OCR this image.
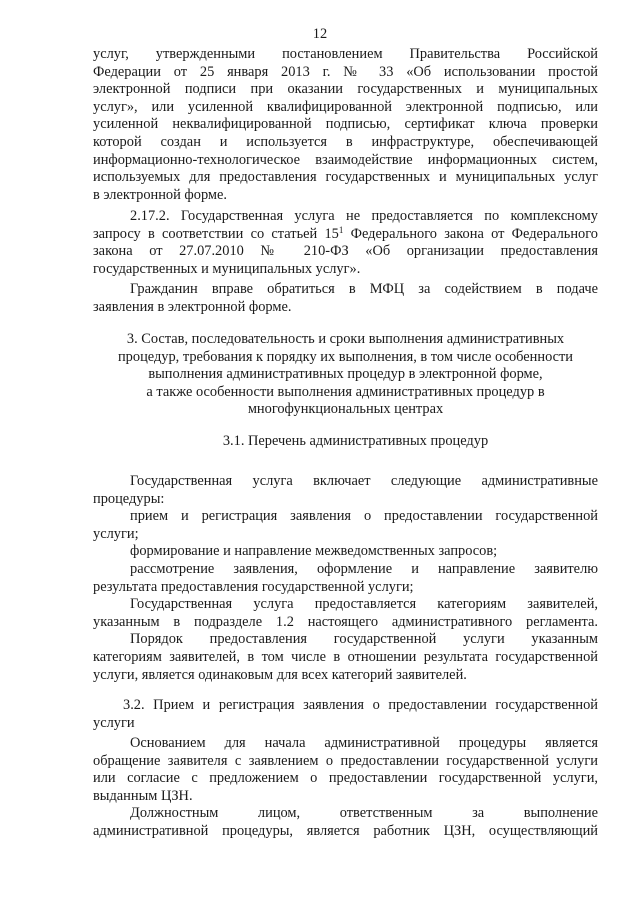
12
услуг, утвержденными постановлением Правительства Российской
Федерации от 25 января 2013 г. № 33 «Об использовании простой
электронной подписи при оказании государственных и муниципальных
услуг», или усиленной квалифицированной электронной подписью, или
усиленной неквалифицированной подписью, сертификат ключа проверки
которой создан и используется в инфраструктуре, обеспечивающей
информационно-технологическое взаимодействие информационных систем,
используемых для предоставления государственных и муниципальных услуг
в электронной форме.
2.17.2. Государственная услуга не предоставляется по комплексному
запросу в соответствии со статьей $15^1$ Федерального закона от Федерального
закона от 27.07.2010 № 210-ФЗ «Об организации предоставления
государственных и муниципальных услуг».
Гражданин вправе обратиться в МФЦ за содействием в подаче
заявления в электронной форме.
3. Состав, последовательность и сроки выполнения административных
процедур, требования к порядку их выполнения, в том числе особенности
выполнения административных процедур в электронной форме,
а также особенности выполнения административных процедур в
многофункциональных центрах
3.1. Перечень административных процедур
Государственная услуга включает следующие административные
процедуры:
прием и регистрация заявления о предоставлении государственной
услуги;
формирование и направление межведомственных запросов;
рассмотрение заявления, оформление и направление заявителю
результата предоставления государственной услуги;
Государственная услуга предоставляется категориям заявителей,
указанным в подразделе 1.2 настоящего административного регламента.
Порядок предоставления государственной услуги указанным
категориям заявителей, в том числе в отношении результата государственной
услуги, является одинаковым для всех категорий заявителей.
3.2. Прием и регистрация заявления о предоставлении государственной
услуги
Основанием для начала административной процедуры является
обращение заявителя с заявлением о предоставлении государственной услуги
или согласие с предложением о предоставлении государственной услуги,
выданным ЦЗН.
Должностным лицом, ответственным за выполнение
административной процедуры, является работник ЦЗН, осуществляющий
